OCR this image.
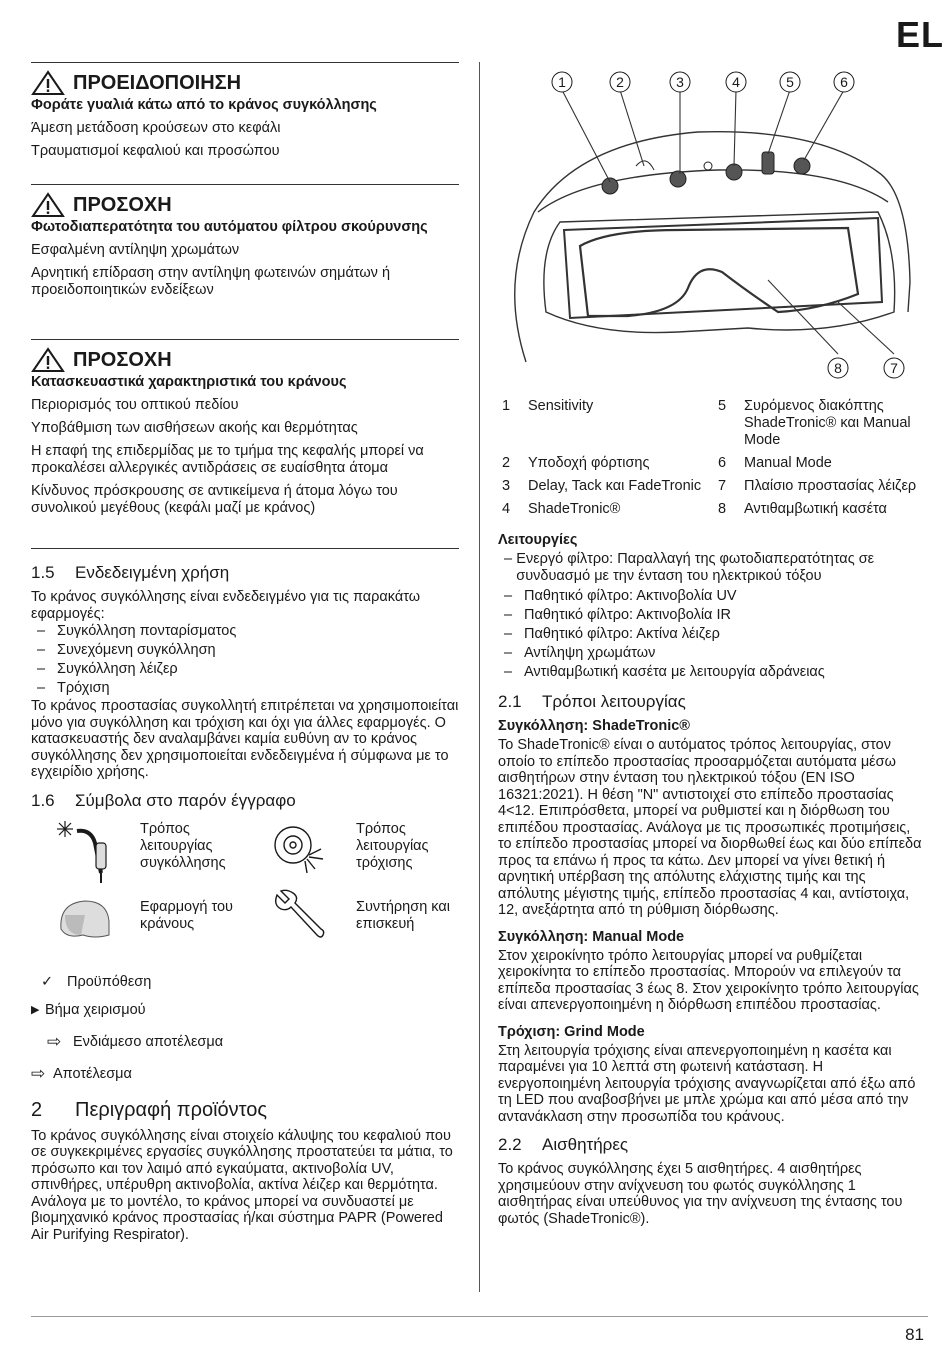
EL
ΠΡΟΕΙΔΟΠΟΙΗΣΗ
Φοράτε γυαλιά κάτω από το κράνος συγκόλλησης
Άμεση μετάδοση κρούσεων στο κεφάλι
Τραυματισμοί κεφαλιού και προσώπου
ΠΡΟΣΟΧΗ
Φωτοδιαπερατότητα του αυτόματου φίλτρου σκούρυνσης
Εσφαλμένη αντίληψη χρωμάτων
Αρνητική επίδραση στην αντίληψη φωτεινών σημάτων ή προειδοποιητικών ενδείξεων
ΠΡΟΣΟΧΗ
Κατασκευαστικά χαρακτηριστικά του κράνους
Περιορισμός του οπτικού πεδίου
Υποβάθμιση των αισθήσεων ακοής και θερμότητας
Η επαφή της επιδερμίδας με το τμήμα της κεφαλής μπορεί να προκαλέσει αλλεργικές αντιδράσεις σε ευαίσθητα άτομα
Κίνδυνος πρόσκρουσης σε αντικείμενα ή άτομα λόγω του συνολικού μεγέθους (κεφάλι μαζί με κράνος)
1.5	Ενδεδειγμένη χρήση
Το κράνος συγκόλλησης είναι ενδεδειγμένο για τις παρακάτω εφαρμογές:
– Συγκόλληση πονταρίσματος
– Συνεχόμενη συγκόλληση
– Συγκόλληση λέιζερ
– Τρόχιση
Το κράνος προστασίας συγκολλητή επιτρέπεται να χρησιμοποιείται μόνο για συγκόλληση και τρόχιση και όχι για άλλες εφαρμογές. Ο κατασκευαστής δεν αναλαμβάνει καμία ευθύνη αν το κράνος συγκόλλησης δεν χρησιμοποιείται ενδεδειγμένα ή σύμφωνα με το εγχειρίδιο χρήσης.
1.6	Σύμβολα στο παρόν έγγραφο
Τρόπος λειτουργίας συγκόλλησης
Τρόπος λειτουργίας τρόχισης
Εφαρμογή του κράνους
Συντήρηση και επισκευή
✓ Προϋπόθεση
▶ Βήμα χειρισμού
⇨ Ενδιάμεσο αποτέλεσμα
⇨ Αποτέλεσμα
2	Περιγραφή προϊόντος
Το κράνος συγκόλλησης είναι στοιχείο κάλυψης του κεφαλιού που σε συγκεκριμένες εργασίες συγκόλλησης προστατεύει τα μάτια, το πρόσωπο και τον λαιμό από εγκαύματα, ακτινοβολία UV, σπινθήρες, υπέρυθρη ακτινοβολία, ακτίνα λέιζερ και θερμότητα. Ανάλογα με το μοντέλο, το κράνος μπορεί να συνδυαστεί με βιομηχανικό κράνος προστασίας ή/και σύστημα PAPR (Powered Air Purifying Respirator).
1	2	3	4	5	6
8	7
1	Sensitivity	5	Συρόμενος διακόπτης ShadeTronic® και Manual Mode
2	Υποδοχή φόρτισης	6	Manual Mode
3	Delay, Tack και FadeTronic	7	Πλαίσιο προστασίας λέιζερ
4	ShadeTronic®	8	Αντιθαμβωτική κασέτα
Λειτουργίες
– Ενεργό φίλτρο: Παραλλαγή της φωτοδιαπερατότητας σε συνδυασμό με την ένταση του ηλεκτρικού τόξου
– Παθητικό φίλτρο: Ακτινοβολία UV
– Παθητικό φίλτρο: Ακτινοβολία IR
– Παθητικό φίλτρο: Ακτίνα λέιζερ
– Αντίληψη χρωμάτων
– Αντιθαμβωτική κασέτα με λειτουργία αδράνειας
2.1	Τρόποι λειτουργίας
Συγκόλληση: ShadeTronic®
Το ShadeTronic® είναι ο αυτόματος τρόπος λειτουργίας, στον οποίο το επίπεδο προστασίας προσαρμόζεται αυτόματα μέσω αισθητήρων στην ένταση του ηλεκτρικού τόξου (EN ISO 16321:2021). Η θέση "N" αντιστοιχεί στο επίπεδο προστασίας 4<12. Επιπρόσθετα, μπορεί να ρυθμιστεί και η διόρθωση του επιπέδου προστασίας. Ανάλογα με τις προσωπικές προτιμήσεις, το επίπεδο προστασίας μπορεί να διορθωθεί έως και δύο επίπεδα προς τα επάνω ή προς τα κάτω. Δεν μπορεί να γίνει θετική ή αρνητική υπέρβαση της απόλυτης ελάχιστης τιμής και της απόλυτης μέγιστης τιμής, επίπεδο προστασίας 4 και, αντίστοιχα, 12, ανεξάρτητα από τη ρύθμιση διόρθωσης.
Συγκόλληση: Manual Mode
Στον χειροκίνητο τρόπο λειτουργίας μπορεί να ρυθμίζεται χειροκίνητα το επίπεδο προστασίας. Μπορούν να επιλεγούν τα επίπεδα προστασίας 3 έως 8. Στον χειροκίνητο τρόπο λειτουργίας είναι απενεργοποιημένη η διόρθωση επιπέδου προστασίας.
Τρόχιση: Grind Mode
Στη λειτουργία τρόχισης είναι απενεργοποιημένη η κασέτα και παραμένει για 10 λεπτά στη φωτεινή κατάσταση. Η ενεργοποιημένη λειτουργία τρόχισης αναγνωρίζεται από έξω από τη LED που αναβοσβήνει με μπλε χρώμα και από μέσα από την αντανάκλαση στην προσωπίδα του κράνους.
2.2	Αισθητήρες
Το κράνος συγκόλλησης έχει 5 αισθητήρες. 4 αισθητήρες χρησιμεύουν στην ανίχνευση του φωτός συγκόλλησης 1 αισθητήρας είναι υπεύθυνος για την ανίχνευση της έντασης του φωτός (ShadeTronic®).
81
